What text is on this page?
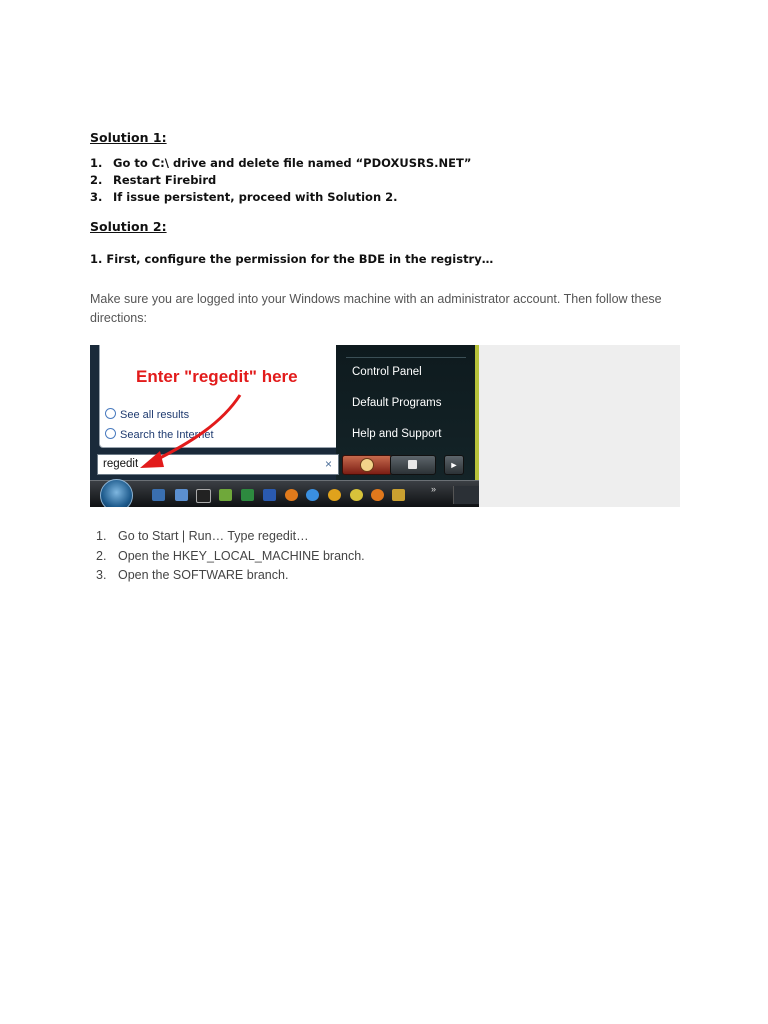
Solution 1:
1. Go to C:\ drive and delete file named “PDOXUSRS.NET”
2. Restart Firebird
3. If issue persistent, proceed with Solution 2.
Solution 2:
1. First, configure the permission for the BDE in the registry…
Make sure you are logged into your Windows machine with an administrator account. Then follow these directions:
Enter "regedit" here
See all results
Search the Internet
Control Panel
Default Programs
Help and Support
regedit	×	►
»
1. Go to Start | Run… Type regedit…
2. Open the HKEY_LOCAL_MACHINE branch.
3. Open the SOFTWARE branch.
